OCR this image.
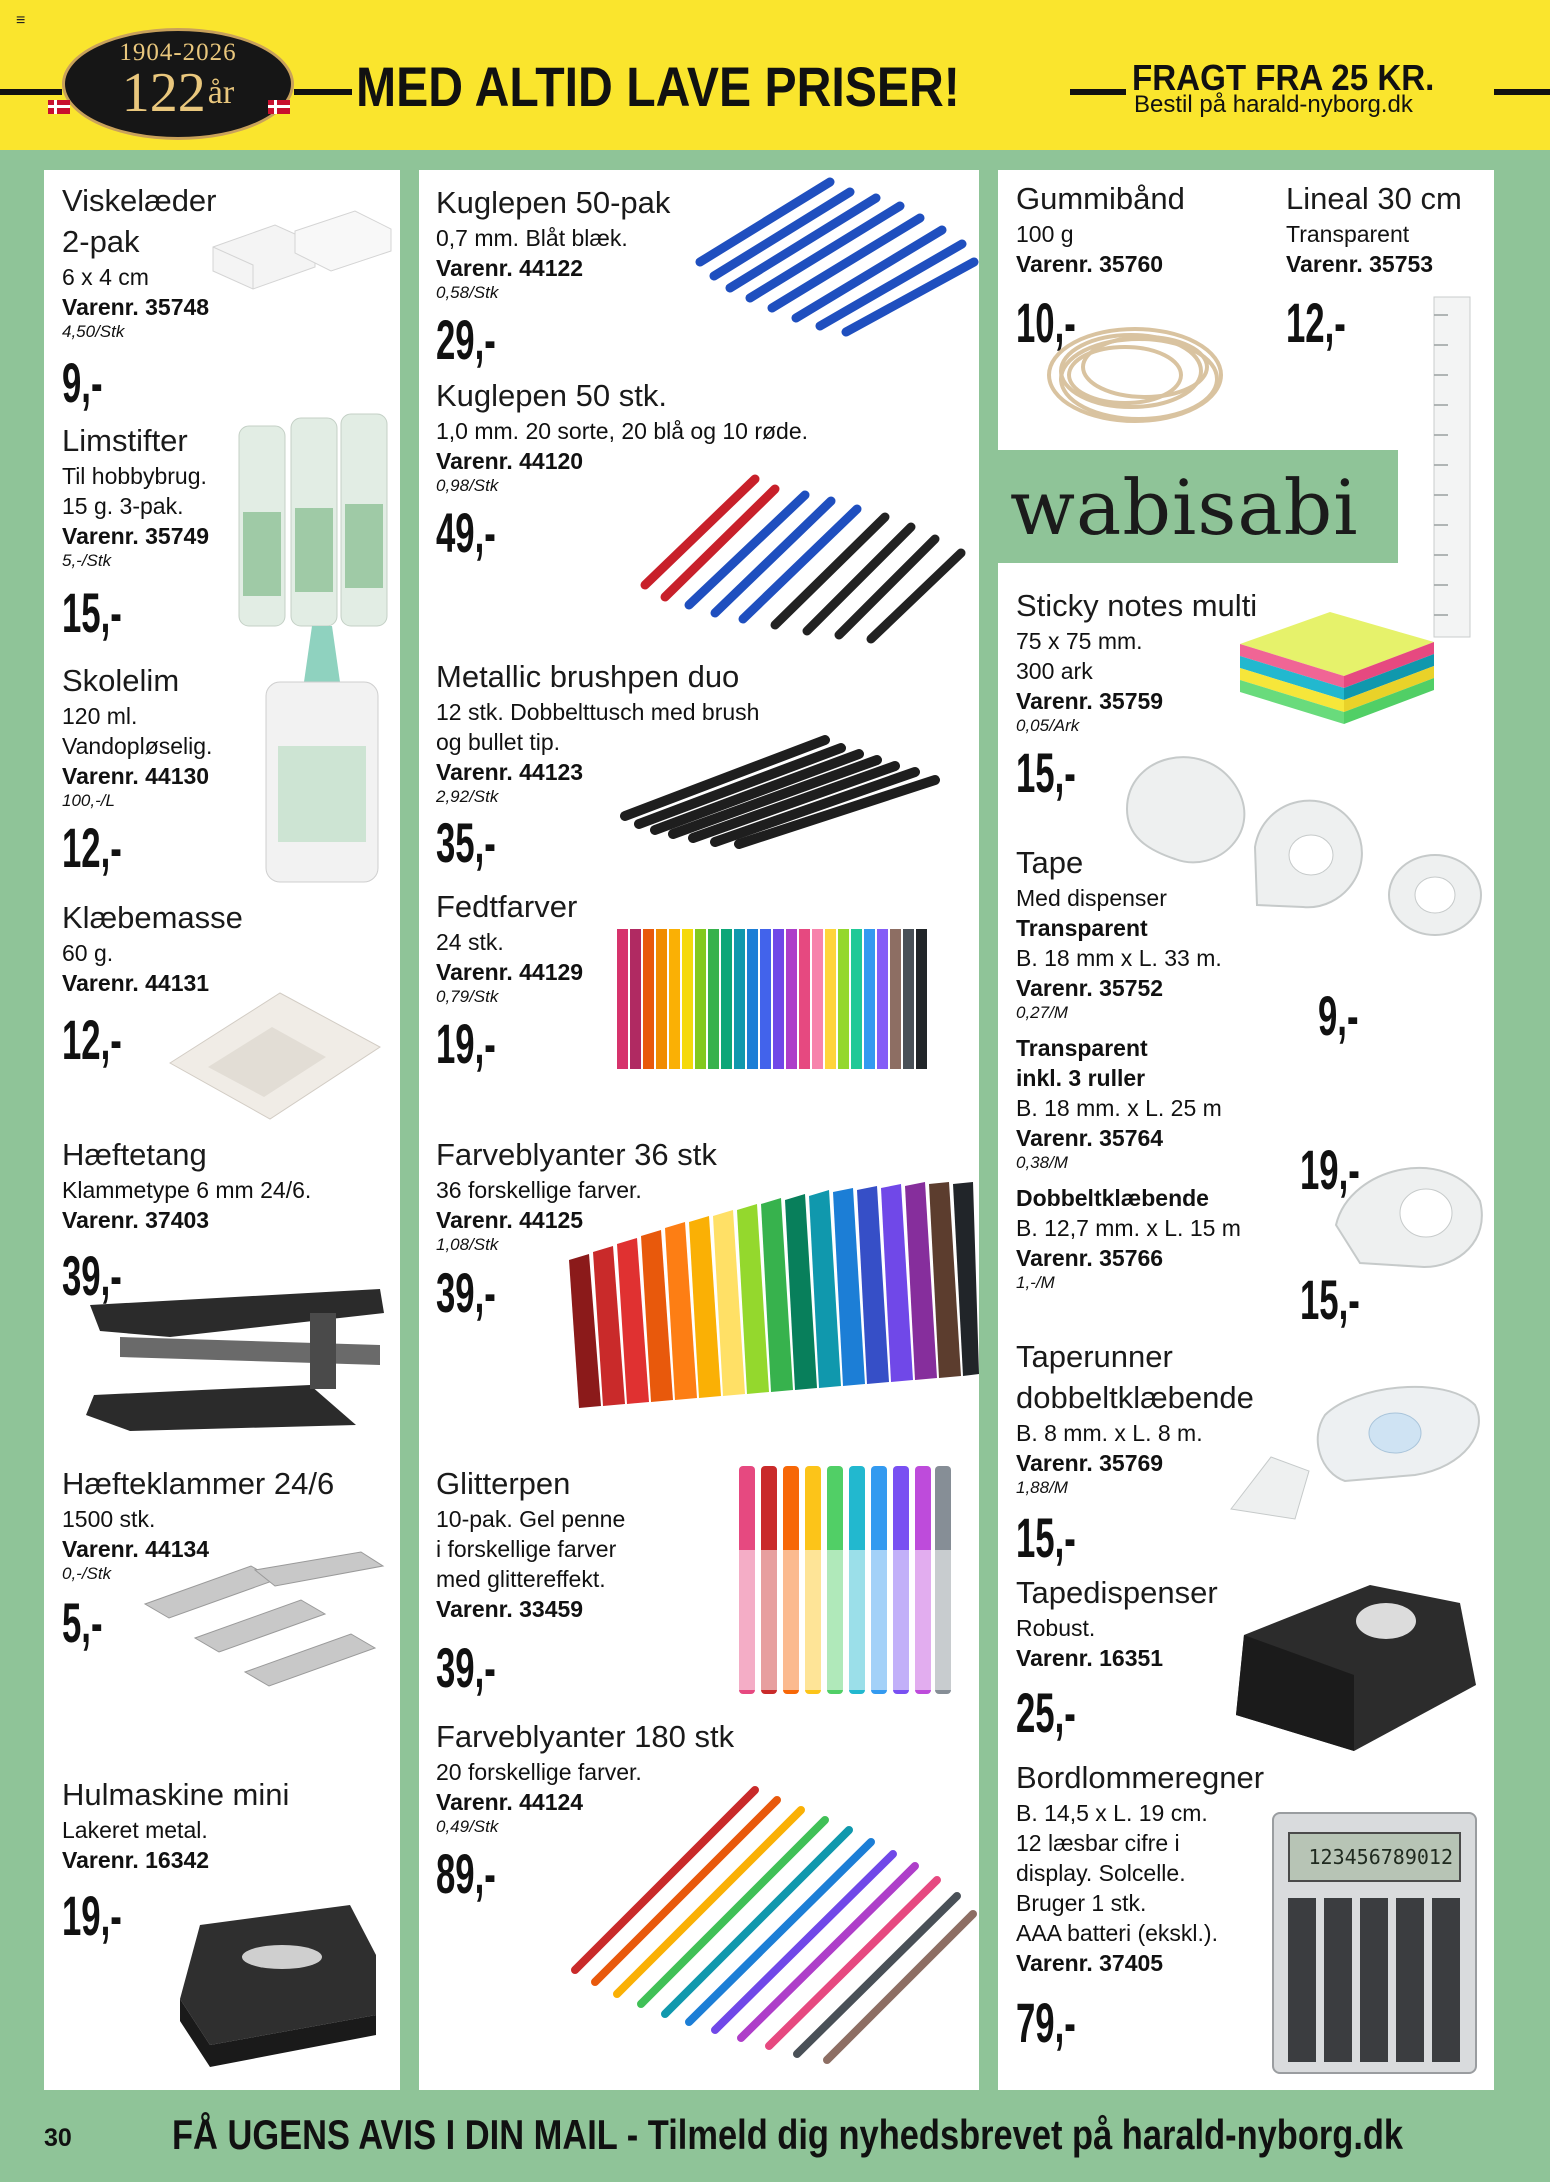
≡
1904-2026
$122^{år}$	MED ALTID LAVE PRISER!	FRAGT FRA 25 KR.
Bestil på harald-nyborg.dk
wabisabi
Viskelæder
2-pak
6 x 4 cm
Varenr. 35748
4,50/Stk
9,-
Limstifter
Til hobbybrug.
15 g. 3-pak.
Varenr. 35749
5,-/Stk
15,-
Skolelim
120 ml.
Vandopløselig.
Varenr. 44130
100,-/L
12,-
Klæbemasse
60 g.
Varenr. 44131
12,-
Hæftetang
Klammetype 6 mm 24/6.
Varenr. 37403
39,-
Hæfteklammer 24/6
1500 stk.
Varenr. 44134
0,-/Stk
5,-
Hulmaskine mini
Lakeret metal.
Varenr. 16342
19,-
Kuglepen 50-pak
0,7 mm. Blåt blæk.
Varenr. 44122
0,58/Stk
29,-
Kuglepen 50 stk.
1,0 mm. 20 sorte, 20 blå og 10 røde.
Varenr. 44120
0,98/Stk
49,-
Metallic brushpen duo
12 stk. Dobbelttusch med brush
og bullet tip.
Varenr. 44123
2,92/Stk
35,-
Fedtfarver
24 stk.
Varenr. 44129
0,79/Stk
19,-
Farveblyanter 36 stk
36 forskellige farver.
Varenr. 44125
1,08/Stk
39,-
Glitterpen
10-pak. Gel penne
i forskellige farver
med glittereffekt.
Varenr. 33459
39,-
Farveblyanter 180 stk
20 forskellige farver.
Varenr. 44124
0,49/Stk
89,-
Gummibånd
100 g
Varenr. 35760
10,-
Lineal 30 cm
Transparent
Varenr. 35753
12,-
Sticky notes multi
75 x 75 mm.
300 ark
Varenr. 35759
0,05/Ark
15,-
Tape
Med dispenser
Transparent
B. 18 mm x L. 33 m.
Varenr. 35752
0,27/M
Transparent
inkl. 3 ruller
B. 18 mm. x L. 25 m
Varenr. 35764
0,38/M
Dobbeltklæbende
B. 12,7 mm. x L. 15 m
Varenr. 35766
1,-/M
9,-
19,-
15,-
Taperunner
dobbeltklæbende
B. 8 mm. x L. 8 m.
Varenr. 35769
1,88/M
15,-
Tapedispenser
Robust.
Varenr. 16351
25,-
Bordlommeregner
B. 14,5 x L. 19 cm.
12 læsbar cifre i
display. Solcelle.
Bruger 1 stk.
AAA batteri (ekskl.).
Varenr. 37405
79,-
123456789012
30 FÅ UGENS AVIS I DIN MAIL - Tilmeld dig nyhedsbrevet på harald-nyborg.dk
